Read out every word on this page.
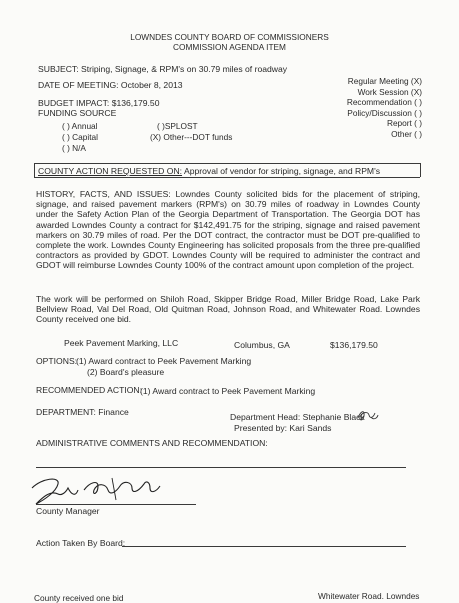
LOWNDES COUNTY BOARD OF COMMISSIONERS
COMMISSION AGENDA ITEM
SUBJECT: Striping, Signage, & RPM's on 30.79 miles of roadway
DATE OF MEETING: October 8, 2013
BUDGET IMPACT: $136,179.50
FUNDING SOURCE
( ) Annual
( ) Capital
( ) N/A
( )SPLOST
(X) Other---DOT funds
Regular Meeting (X)
Work Session (X)
Recommendation ( )
Policy/Discussion ( )
Report ( )
Other ( )
COUNTY ACTION REQUESTED ON: Approval of vendor for striping, signage, and RPM's
HISTORY, FACTS, AND ISSUES: Lowndes County solicited bids for the placement of striping, signage, and raised pavement markers (RPM's) on 30.79 miles of roadway in Lowndes County under the Safety Action Plan of the Georgia Department of Transportation. The Georgia DOT has awarded Lowndes County a contract for $142,491.75 for the striping, signage and raised pavement markers on 30.79 miles of road. Per the DOT contract, the contractor must be DOT pre-qualified to complete the work. Lowndes County Engineering has solicited proposals from the three pre-qualified contractors as provided by GDOT. Lowndes County will be required to administer the contract and GDOT will reimburse Lowndes County 100% of the contract amount upon completion of the project.
The work will be performed on Shiloh Road, Skipper Bridge Road, Miller Bridge Road, Lake Park Bellview Road, Val Del Road, Old Quitman Road, Johnson Road, and Whitewater Road. Lowndes County received one bid.
Peek Pavement Marking, LLC	Columbus, GA	$136,179.50
OPTIONS:
(1) Award contract to Peek Pavement Marking
(2) Board's pleasure
RECOMMENDED ACTION:
(1) Award contract to Peek Pavement Marking
DEPARTMENT: Finance	Department Head: Stephanie Black
Presented by: Kari Sands
ADMINISTRATIVE COMMENTS AND RECOMMENDATION:
County Manager
Action Taken By Board:
County received one bid	Whitewater Road. Lowndes
